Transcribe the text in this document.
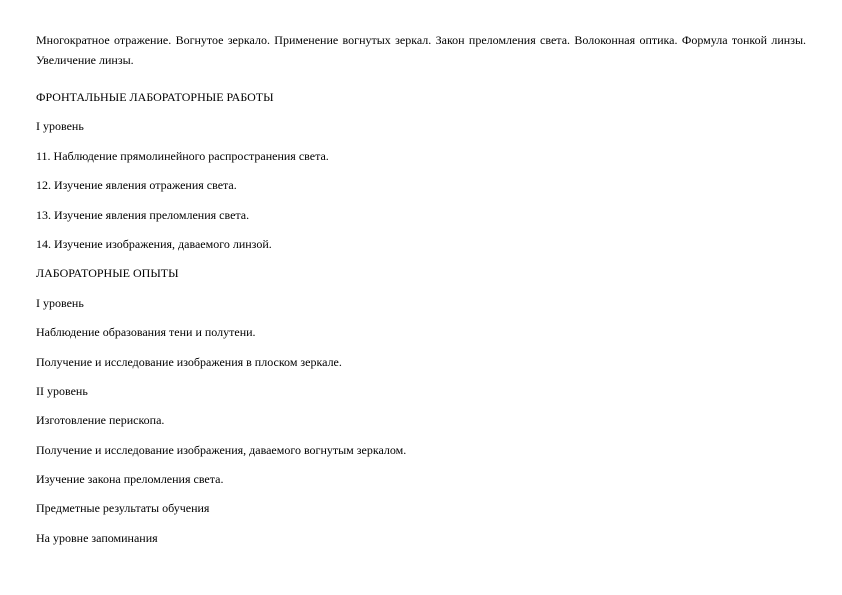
Многократное отражение. Вогнутое зеркало. Применение вогнутых зеркал. Закон преломления света. Волоконная оптика. Формула тонкой линзы. Увеличение линзы.

ФРОНТАЛЬНЫЕ ЛАБОРАТОРНЫЕ РАБОТЫ

I уровень

11. Наблюдение прямолинейного распространения света.

12. Изучение явления отражения света.

13. Изучение явления преломления света.

14. Изучение изображения, даваемого линзой.

ЛАБОРАТОРНЫЕ ОПЫТЫ

I уровень

Наблюдение образования тени и полутени.

Получение и исследование изображения в плоском зеркале.

II уровень

Изготовление перископа.

Получение и исследование изображения, даваемого вогнутым зеркалом.

Изучение закона преломления света.

Предметные результаты обучения

На уровне запоминания
